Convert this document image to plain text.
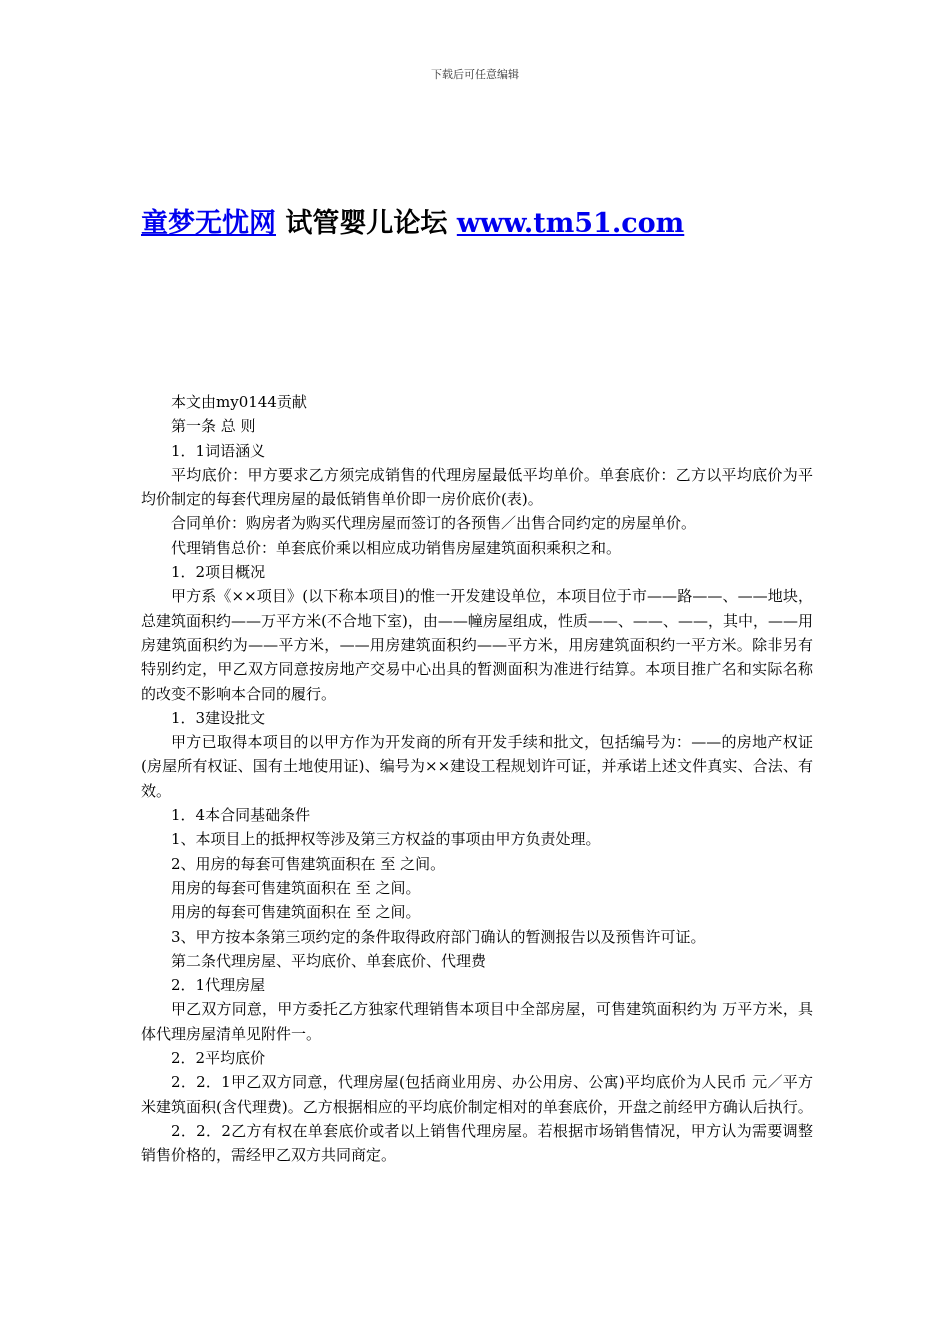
下载后可任意编辑
童梦无忧网 试管婴儿论坛 www.tm51.com

本文由my0144贡献

第一条 总 则

1．1词语涵义

平均底价：甲方要求乙方须完成销售的代理房屋最低平均单价。单套底价：乙方以平均底价为平均价制定的每套代理房屋的最低销售单价即一房价底价(表)。

合同单价：购房者为购买代理房屋而签订的各预售／出售合同约定的房屋单价。

代理销售总价：单套底价乘以相应成功销售房屋建筑面积乘积之和。

1．2项目概况

甲方系《××项目》(以下称本项目)的惟一开发建设单位，本项目位于市——路——、——地块，总建筑面积约——万平方米(不合地下室)，由——幢房屋组成，性质——、——、——，其中，——用房建筑面积约为——平方米，——用房建筑面积约——平方米，用房建筑面积约一平方米。除非另有特别约定，甲乙双方同意按房地产交易中心出具的暂测面积为准进行结算。本项目推广名和实际名称的改变不影响本合同的履行。

1．3建设批文

甲方已取得本项目的以甲方作为开发商的所有开发手续和批文，包括编号为：——的房地产权证(房屋所有权证、国有土地使用证)、编号为××建设工程规划许可证，并承诺上述文件真实、合法、有效。

1．4本合同基础条件

1、本项目上的抵押权等涉及第三方权益的事项由甲方负责处理。

2、用房的每套可售建筑面积在 至 之间。

用房的每套可售建筑面积在 至 之间。

用房的每套可售建筑面积在 至 之间。

3、甲方按本条第三项约定的条件取得政府部门确认的暂测报告以及预售许可证。

第二条代理房屋、平均底价、单套底价、代理费

2．1代理房屋

甲乙双方同意，甲方委托乙方独家代理销售本项目中全部房屋，可售建筑面积约为 万平方米，具体代理房屋清单见附件一。

2．2平均底价

2．2．1甲乙双方同意，代理房屋(包括商业用房、办公用房、公寓)平均底价为人民币 元／平方米建筑面积(含代理费)。乙方根据相应的平均底价制定相对的单套底价，开盘之前经甲方确认后执行。

2．2．2乙方有权在单套底价或者以上销售代理房屋。若根据市场销售情况，甲方认为需要调整销售价格的，需经甲乙双方共同商定。
